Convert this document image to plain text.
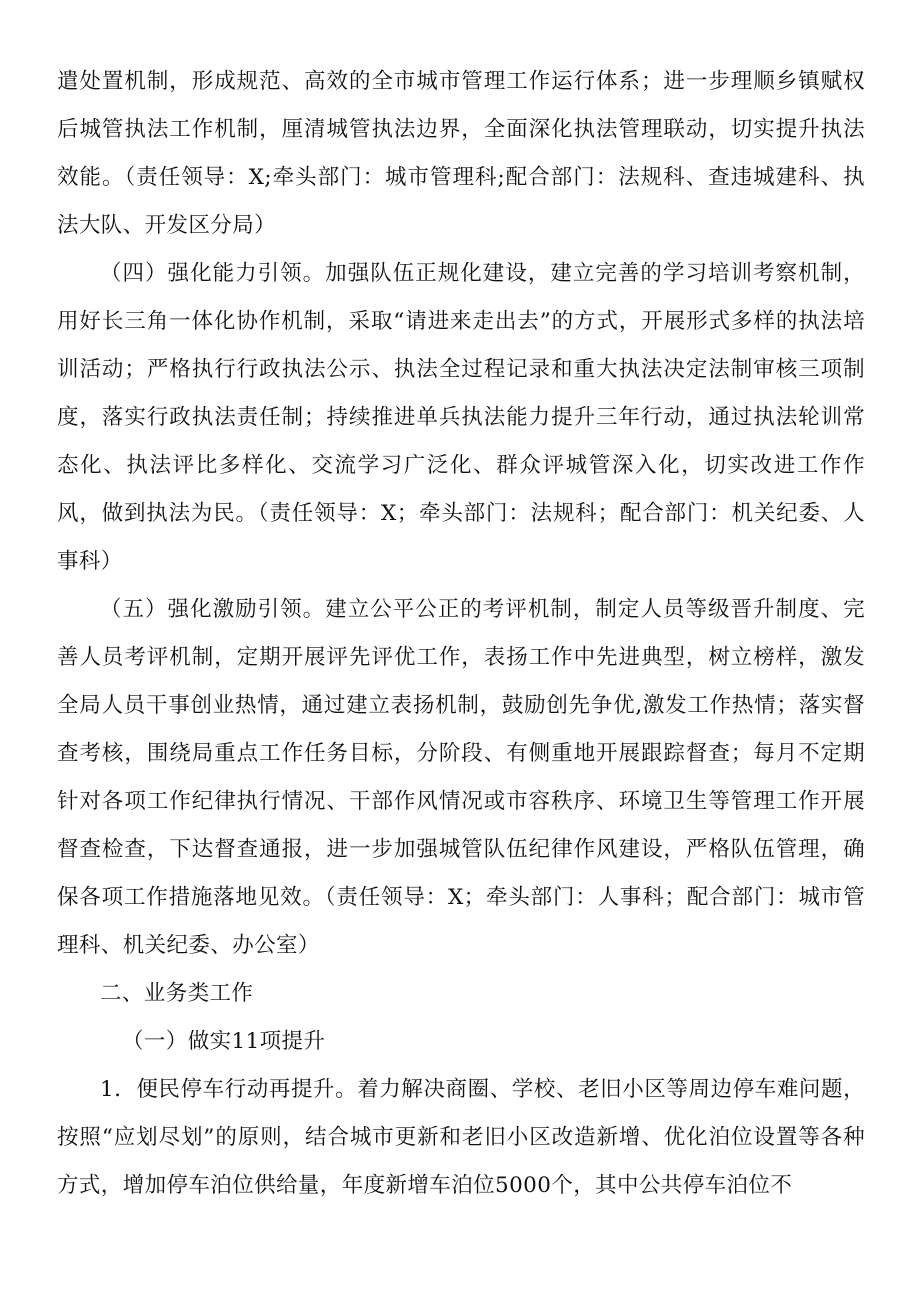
遣处置机制，形成规范、高效的全市城市管理工作运行体系；进一步理顺乡镇赋权后城管执法工作机制，厘清城管执法边界，全面深化执法管理联动，切实提升执法效能。（责任领导：X;牵头部门：城市管理科;配合部门：法规科、查违城建科、执法大队、开发区分局）

（四）强化能力引领。加强队伍正规化建设，建立完善的学习培训考察机制，用好长三角一体化协作机制，采取“请进来走出去”的方式，开展形式多样的执法培训活动；严格执行行政执法公示、执法全过程记录和重大执法决定法制审核三项制度，落实行政执法责任制；持续推进单兵执法能力提升三年行动，通过执法轮训常态化、执法评比多样化、交流学习广泛化、群众评城管深入化，切实改进工作作风，做到执法为民。（责任领导：X；牵头部门：法规科；配合部门：机关纪委、人事科）

（五）强化激励引领。建立公平公正的考评机制，制定人员等级晋升制度、完善人员考评机制，定期开展评先评优工作，表扬工作中先进典型，树立榜样，激发全局人员干事创业热情，通过建立表扬机制，鼓励创先争优,激发工作热情；落实督查考核，围绕局重点工作任务目标，分阶段、有侧重地开展跟踪督查；每月不定期针对各项工作纪律执行情况、干部作风情况或市容秩序、环境卫生等管理工作开展督查检查，下达督查通报，进一步加强城管队伍纪律作风建设，严格队伍管理，确保各项工作措施落地见效。（责任领导：X；牵头部门：人事科；配合部门：城市管理科、机关纪委、办公室）

二、业务类工作

（一）做实11项提升

1．便民停车行动再提升。着力解决商圈、学校、老旧小区等周边停车难问题，按照“应划尽划”的原则，结合城市更新和老旧小区改造新增、优化泊位设置等各种方式，增加停车泊位供给量，年度新增车泊位5000个，其中公共停车泊位不
